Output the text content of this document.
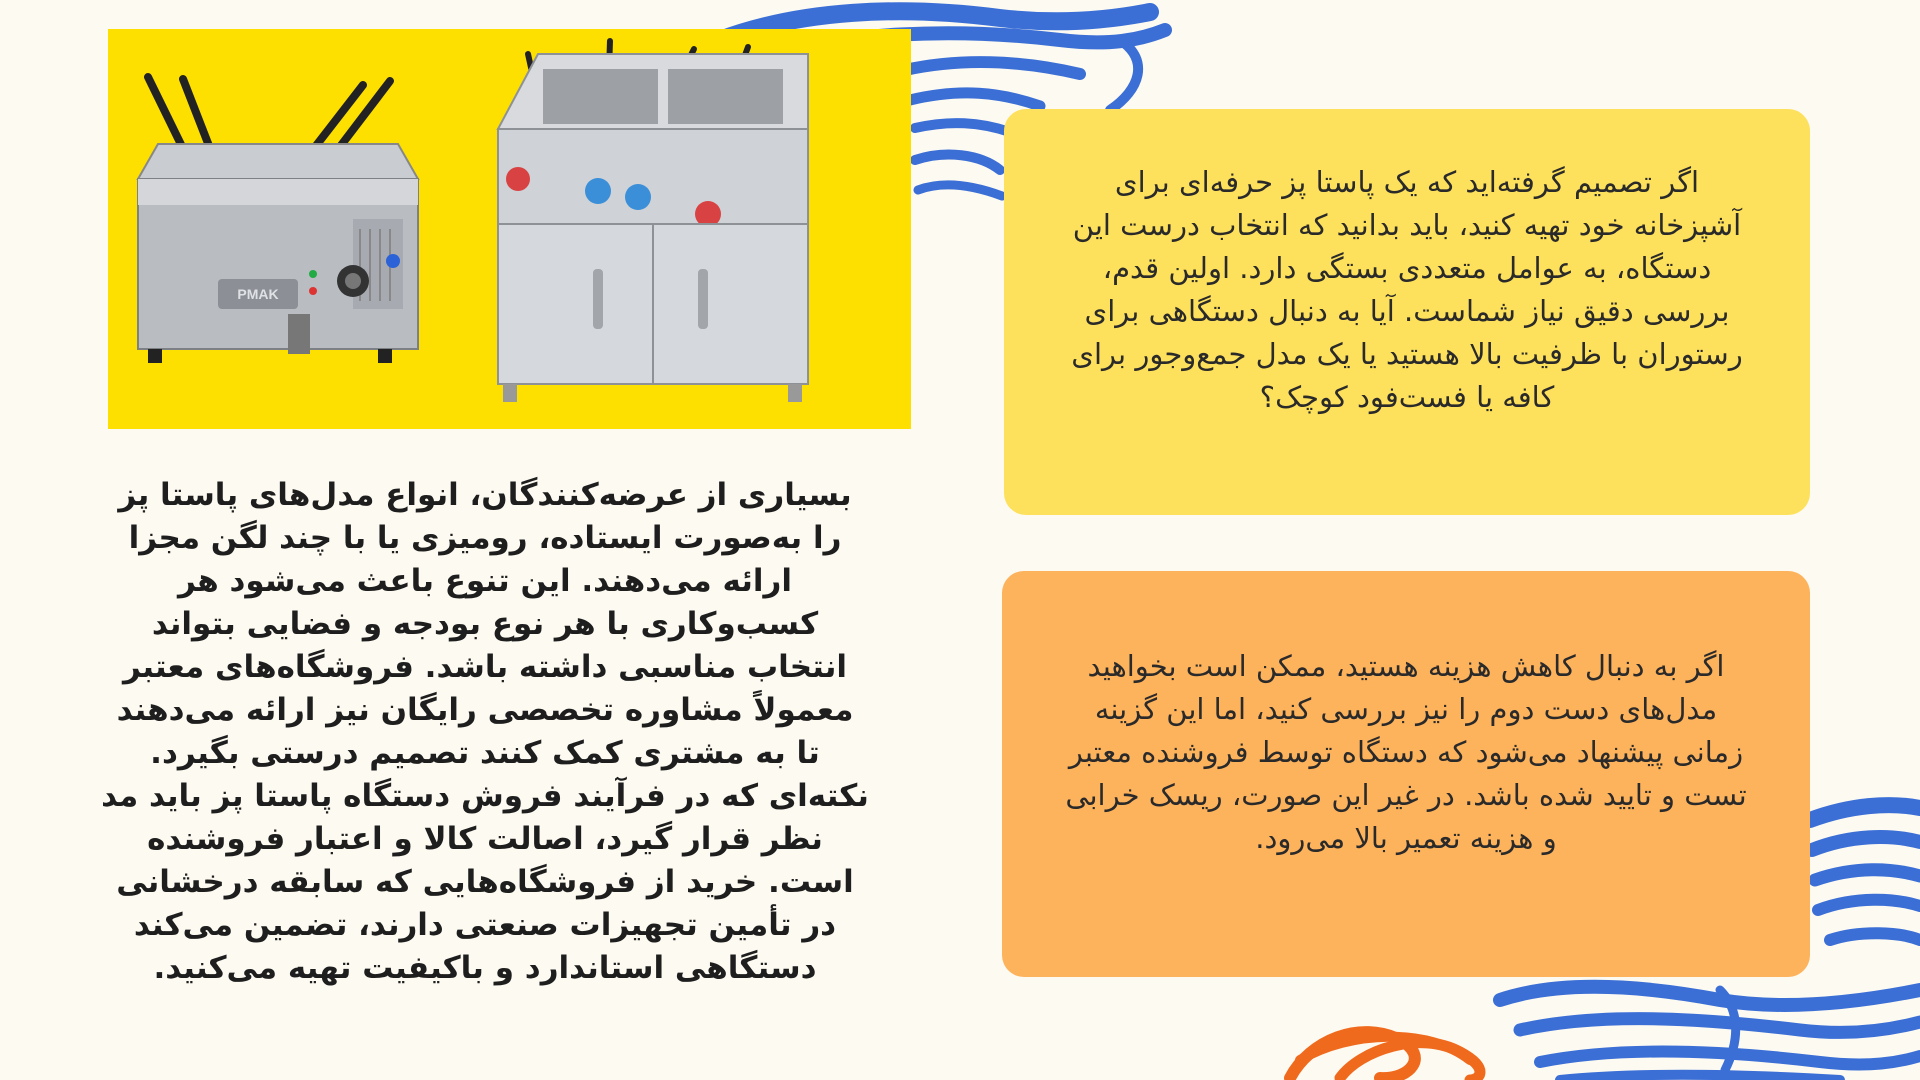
PMAK

بسیاری از عرضه‌کنندگان، انواع مدل‌های پاستا پز را به‌صورت ایستاده، رومیزی یا با چند لگن مجزا ارائه می‌دهند. این تنوع باعث می‌شود هر کسب‌وکاری با هر نوع بودجه و فضایی بتواند انتخاب مناسبی داشته باشد. فروشگاه‌های معتبر معمولاً مشاوره تخصصی رایگان نیز ارائه می‌دهند تا به مشتری کمک کنند تصمیم درستی بگیرد. نکته‌ای که در فرآیند فروش دستگاه پاستا پز باید مد نظر قرار گیرد، اصالت کالا و اعتبار فروشنده است. خرید از فروشگاه‌هایی که سابقه درخشانی در تأمین تجهیزات صنعتی دارند، تضمین می‌کند دستگاهی استاندارد و باکیفیت تهیه می‌کنید.

اگر تصمیم گرفته‌اید که یک پاستا پز حرفه‌ای برای آشپزخانه خود تهیه کنید، باید بدانید که انتخاب درست این دستگاه، به عوامل متعددی بستگی دارد. اولین قدم، بررسی دقیق نیاز شماست. آیا به دنبال دستگاهی برای رستوران با ظرفیت بالا هستید یا یک مدل جمع‌وجور برای کافه یا فست‌فود کوچک؟

اگر به دنبال کاهش هزینه هستید، ممکن است بخواهید مدل‌های دست دوم را نیز بررسی کنید، اما این گزینه زمانی پیشنهاد می‌شود که دستگاه توسط فروشنده معتبر تست و تایید شده باشد. در غیر این صورت، ریسک خرابی و هزینه تعمیر بالا می‌رود.
